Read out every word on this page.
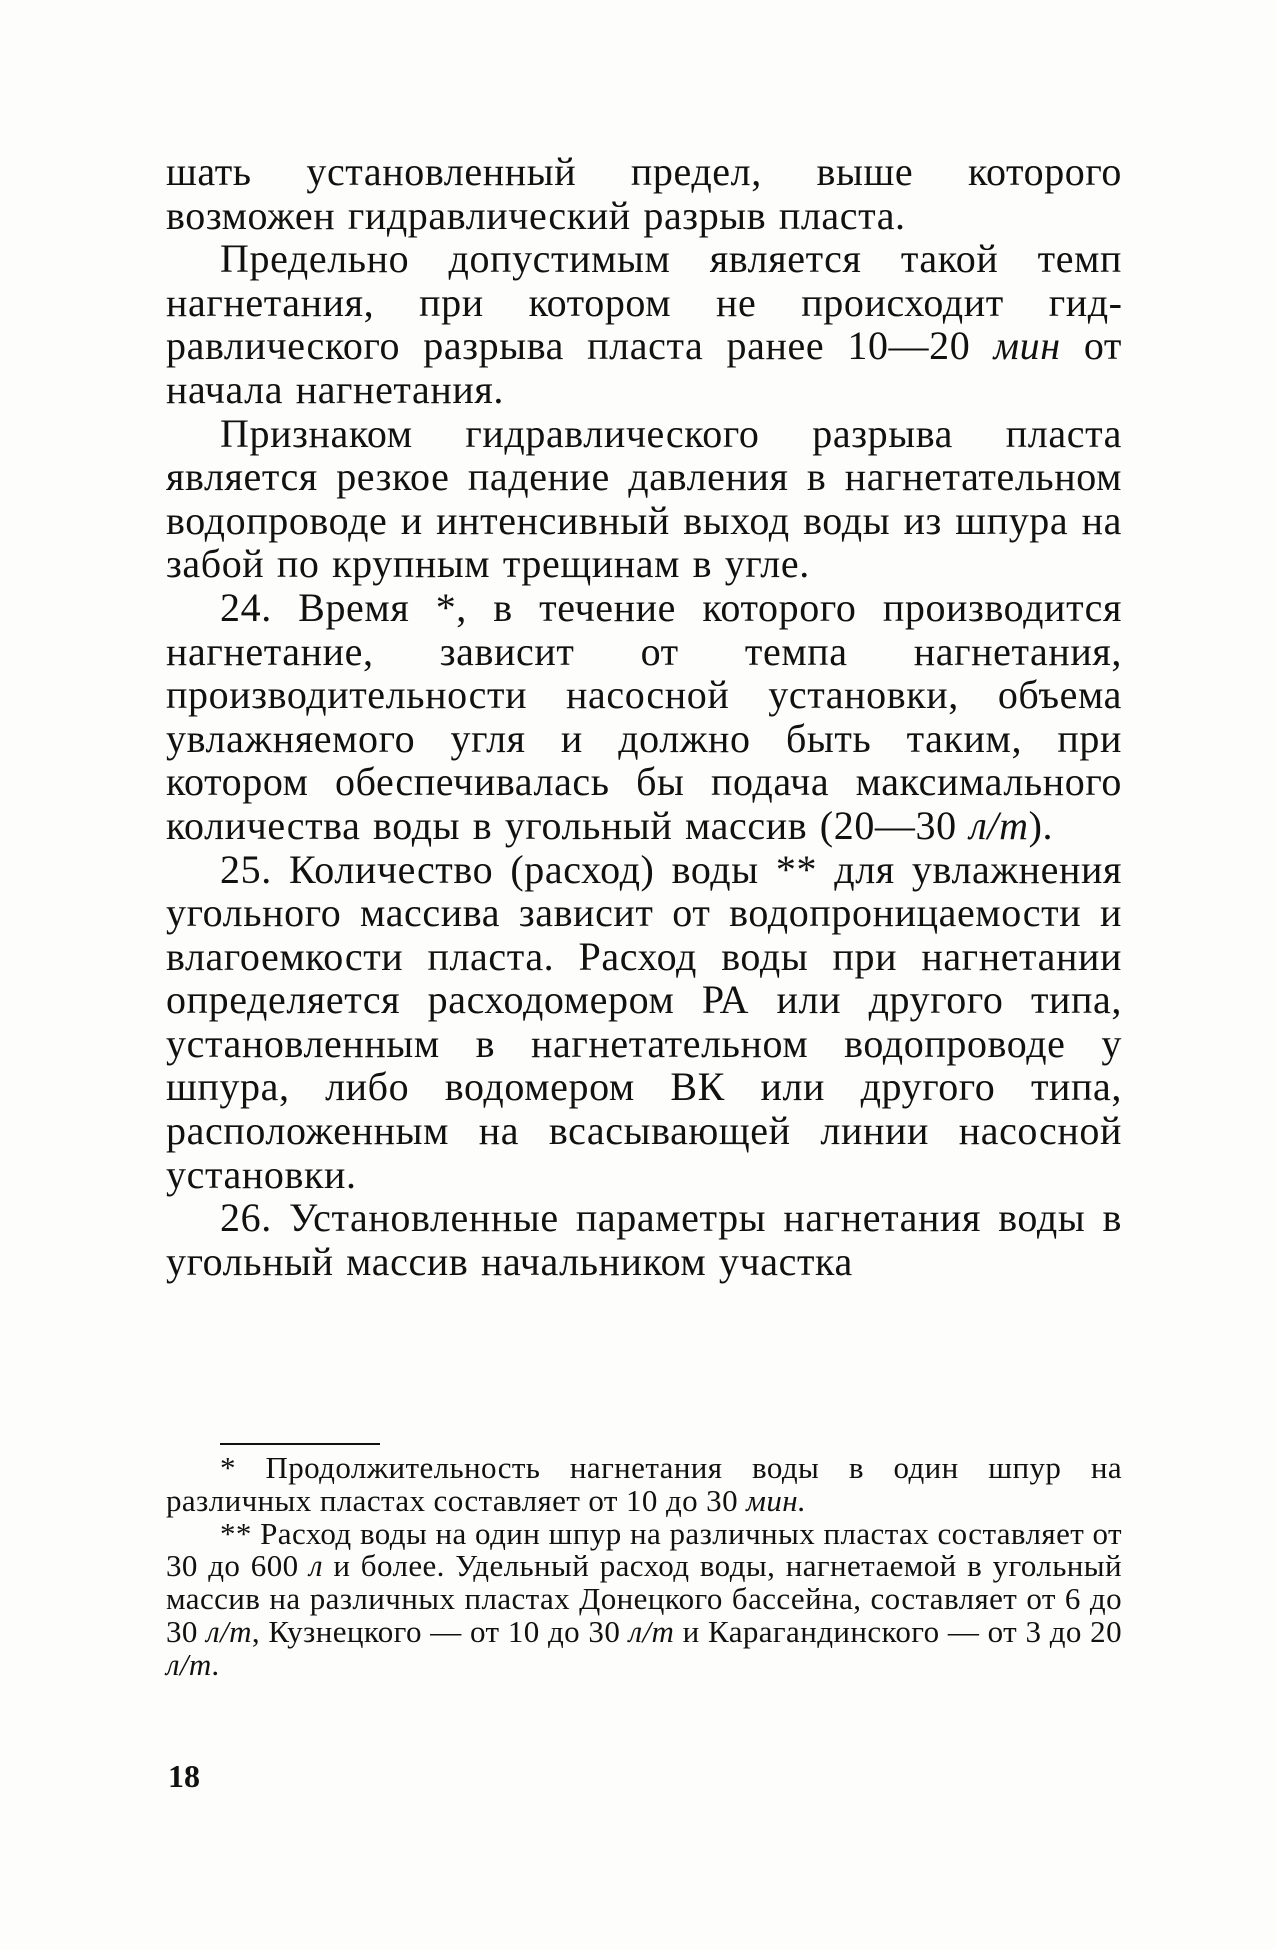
шать установленный предел, выше которого возможен гидравлический разрыв пласта.

Предельно допустимым является такой темп нагнетания, при котором не происходит гидравлического разрыва пласта ранее 10—20 мин от начала нагнетания.

Признаком гидравлического разрыва пласта является резкое падение давления в нагнетательном водопроводе и интенсивный выход воды из шпура на забой по крупным трещинам в угле.

24. Время *, в течение которого производится нагнетание, зависит от темпа нагнетания, производительности насосной установки, объема увлажняемого угля и должно быть таким, при котором обеспечивалась бы подача максимального количества воды в угольный массив (20—30 л/т).

25. Количество (расход) воды ** для увлажнения угольного массива зависит от водопроницаемости и влагоемкости пласта. Расход воды при нагнетании определяется расходомером РА или другого типа, установленным в нагнетательном водопроводе у шпура, либо водомером ВК или другого типа, расположенным на всасывающей линии насосной установки.

26. Установленные параметры нагнетания воды в угольный массив начальником участка

* Продолжительность нагнетания воды в один шпур на различных пластах составляет от 10 до 30 мин.

** Расход воды на один шпур на различных пластах составляет от 30 до 600 л и более. Удельный расход воды, нагнетаемой в угольный массив на различных пластах Донецкого бассейна, составляет от 6 до 30 л/т, Кузнецкого — от 10 до 30 л/т и Карагандинского — от 3 до 20 л/т.

18
